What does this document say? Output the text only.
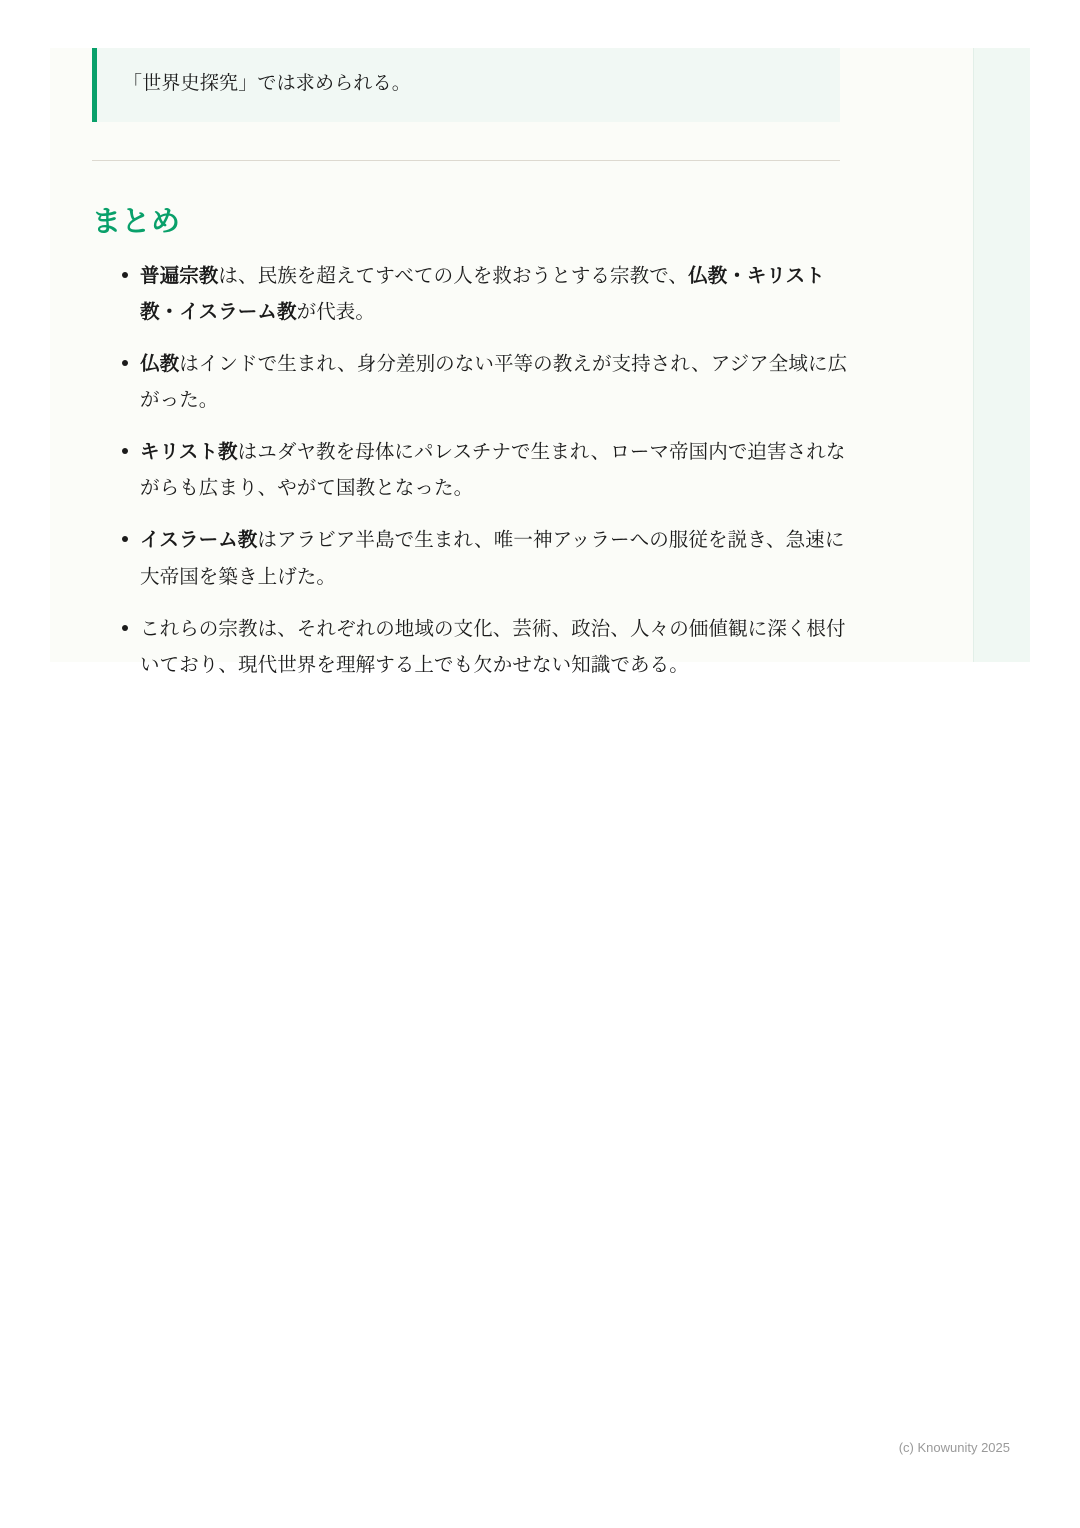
「世界史探究」では求められる。

まとめ
普遍宗教は、民族を超えてすべての人を救おうとする宗教で、仏教・キリスト教・イスラーム教が代表。
仏教はインドで生まれ、身分差別のない平等の教えが支持され、アジア全域に広がった。
キリスト教はユダヤ教を母体にパレスチナで生まれ、ローマ帝国内で迫害されながらも広まり、やがて国教となった。
イスラーム教はアラビア半島で生まれ、唯一神アッラーへの服従を説き、急速に大帝国を築き上げた。
これらの宗教は、それぞれの地域の文化、芸術、政治、人々の価値観に深く根付いており、現代世界を理解する上でも欠かせない知識である。
(c) Knowunity 2025
